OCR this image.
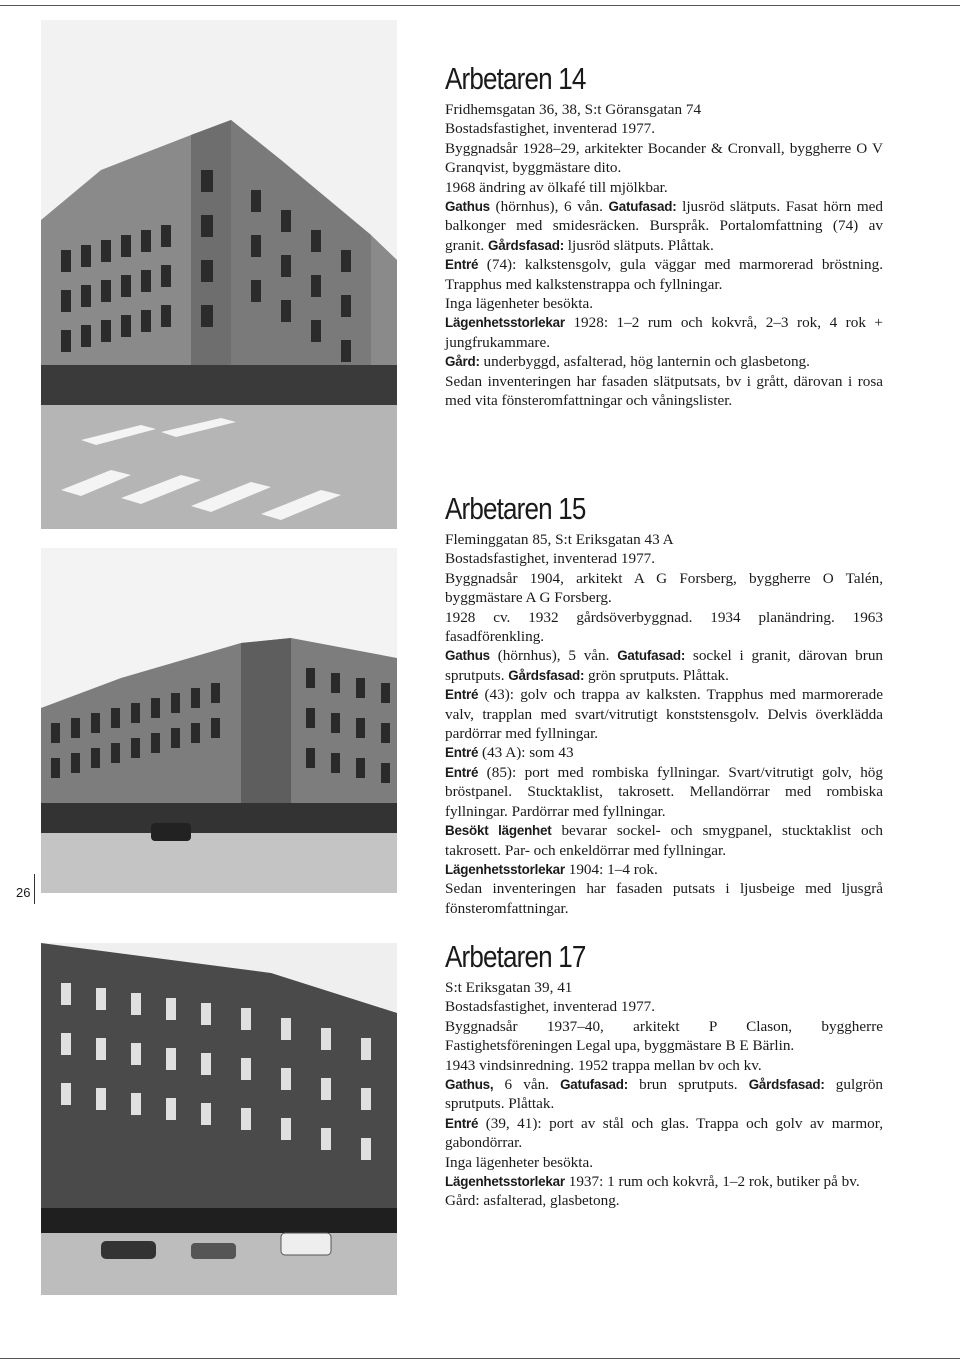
26
Arbetaren 14

Fridhemsgatan 36, 38, S:t Göransgatan 74

Bostadsfastighet, inventerad 1977.

Byggnadsår 1928–29, arkitekter Bocander & Cronvall, byggherre O V Granqvist, byggmästare dito.

1968 ändring av ölkafé till mjölkbar.

Gathus (hörnhus), 6 vån. Gatufasad: ljusröd slätputs. Fasat hörn med balkonger med smidesräcken. Burspråk. Portalomfattning (74) av granit. Gårdsfasad: ljusröd slätputs. Plåttak.

Entré (74): kalkstensgolv, gula väggar med marmorerad bröstning. Trapphus med kalkstenstrappa och fyllningar.

Inga lägenheter besökta.

Lägenhetsstorlekar 1928: 1–2 rum och kokvrå, 2–3 rok, 4 rok + jungfrukammare.

Gård: underbyggd, asfalterad, hög lanternin och glasbetong.

Sedan inventeringen har fasaden slätputsats, bv i grått, därovan i rosa med vita fönsteromfattningar och våningslister.

Arbetaren 15

Fleminggatan 85, S:t Eriksgatan 43 A

Bostadsfastighet, inventerad 1977.

Byggnadsår 1904, arkitekt A G Forsberg, byggherre O Talén, byggmästare A G Forsberg.

1928 cv. 1932 gårdsöverbyggnad. 1934 planändring. 1963 fasadförenkling.

Gathus (hörnhus), 5 vån. Gatufasad: sockel i granit, därovan brun sprutputs. Gårdsfasad: grön sprutputs. Plåttak.

Entré (43): golv och trappa av kalksten. Trapphus med marmorerade valv, trapplan med svart/vitrutigt konststensgolv. Delvis överklädda pardörrar med fyllningar.

Entré (43 A): som 43

Entré (85): port med rombiska fyllningar. Svart/vitrutigt golv, hög bröstpanel. Stucktaklist, takrosett. Mellandörrar med rombiska fyllningar. Pardörrar med fyllningar.

Besökt lägenhet bevarar sockel- och smygpanel, stucktaklist och takrosett. Par- och enkeldörrar med fyllningar.

Lägenhetsstorlekar 1904: 1–4 rok.

Sedan inventeringen har fasaden putsats i ljusbeige med ljusgrå fönsteromfattningar.

Arbetaren 17

S:t Eriksgatan 39, 41

Bostadsfastighet, inventerad 1977.

Byggnadsår 1937–40, arkitekt P Clason, byggherre Fastighetsföreningen Legal upa, byggmästare B E Bärlin.

1943 vindsinredning. 1952 trappa mellan bv och kv.

Gathus, 6 vån. Gatufasad: brun sprutputs. Gårdsfasad: gulgrön sprutputs. Plåttak.

Entré (39, 41): port av stål och glas. Trappa och golv av marmor, gabondörrar.

Inga lägenheter besökta.

Lägenhetsstorlekar 1937: 1 rum och kokvrå, 1–2 rok, butiker på bv.

Gård: asfalterad, glasbetong.
